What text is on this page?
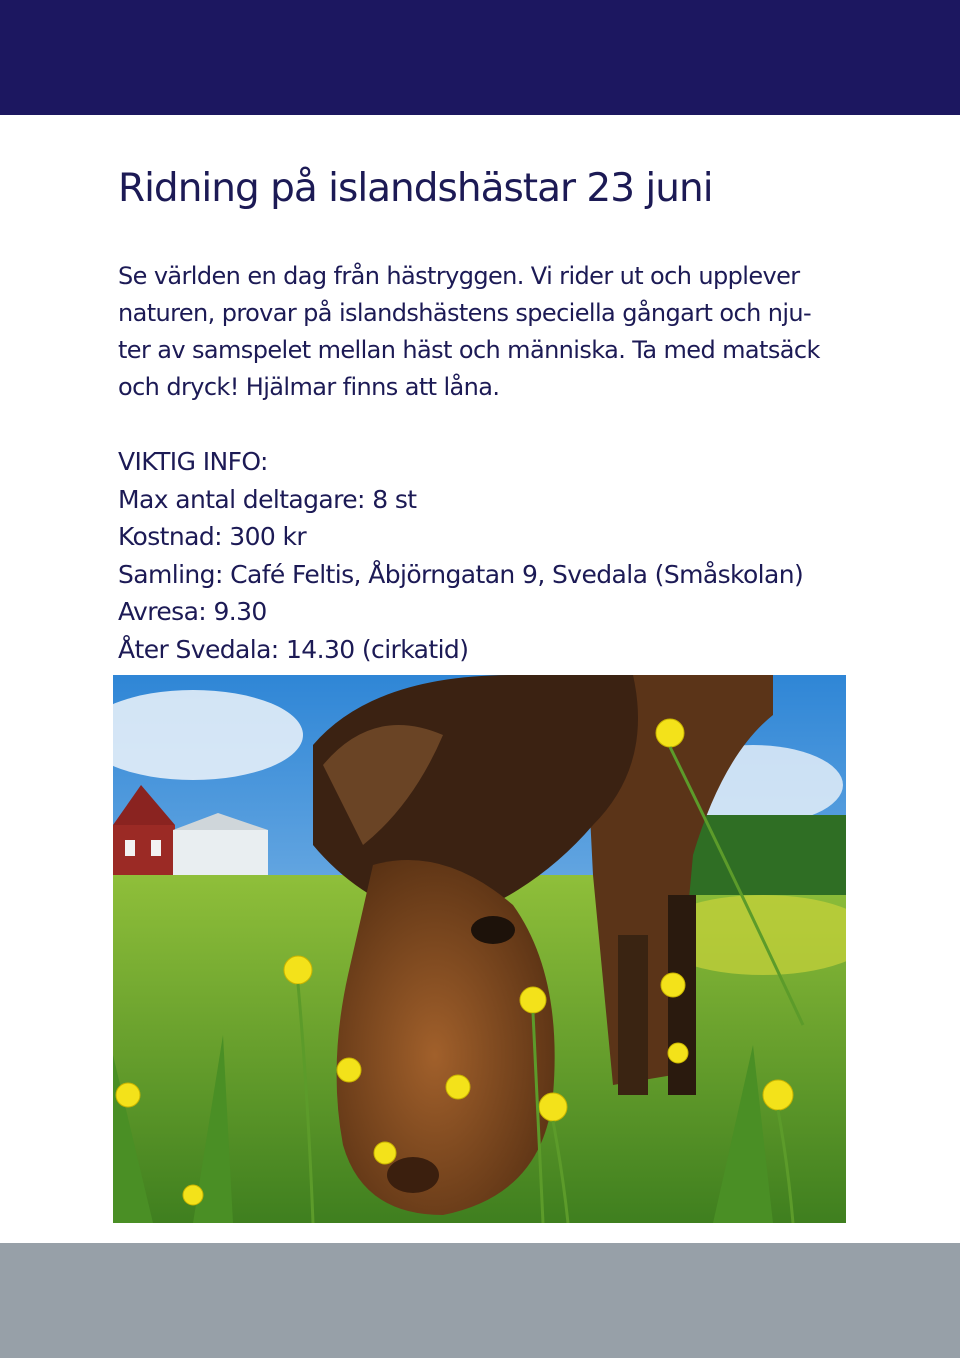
Ridning på islandshästar 23 juni

Se världen en dag från hästryggen. Vi rider ut och upplever
naturen, provar på islandshästens speciella gångart och nju-
ter av samspelet mellan häst och människa. Ta med matsäck
och dryck! Hjälmar finns att låna.

VIKTIG INFO:
Max antal deltagare: 8 st
Kostnad: 300 kr
Samling: Café Feltis, Åbjörngatan 9, Svedala (Småskolan)
Avresa: 9.30
Åter Svedala: 14.30 (cirkatid)
